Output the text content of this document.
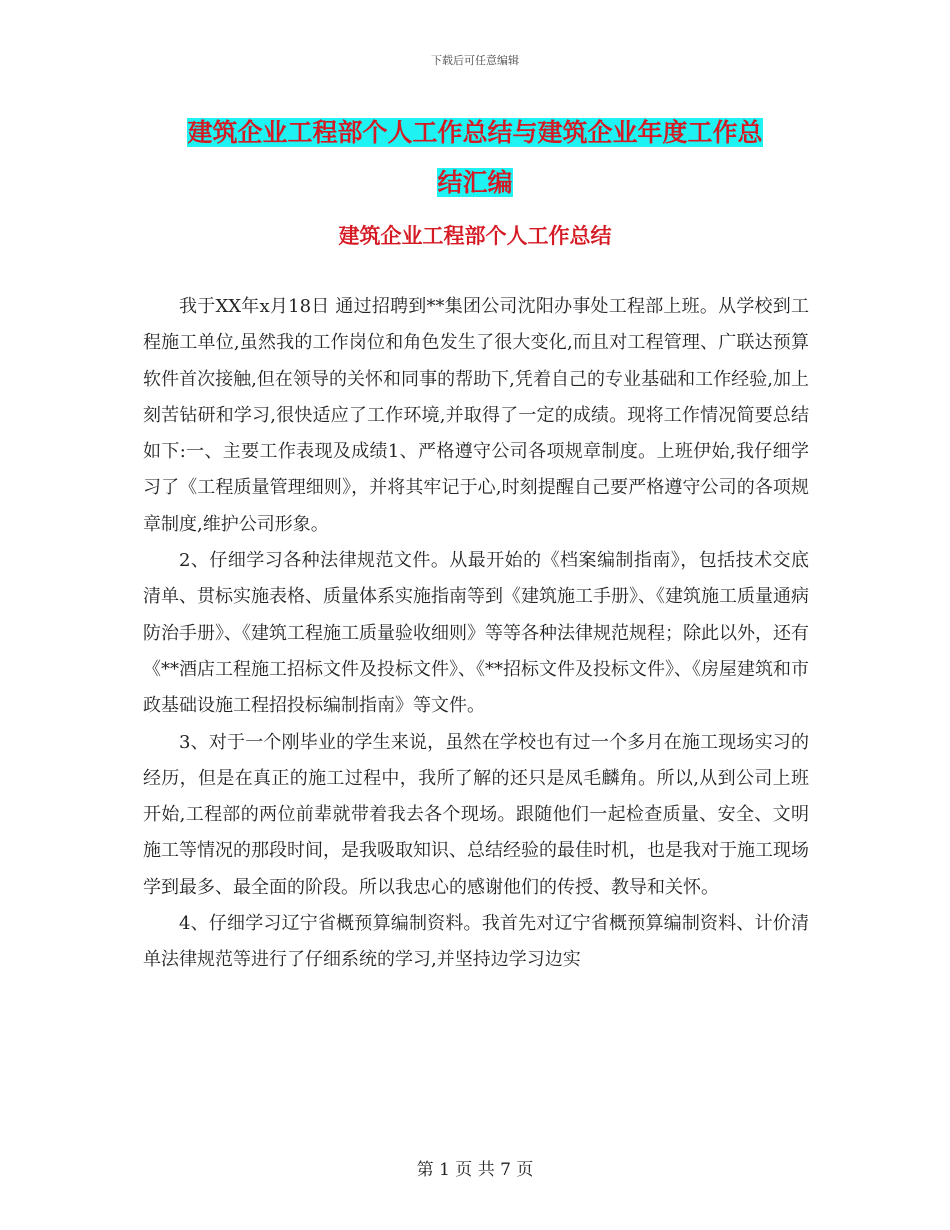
下载后可任意编辑
建筑企业工程部个人工作总结与建筑企业年度工作总
结汇编
建筑企业工程部个人工作总结

我于XX年x月18日 通过招聘到**集团公司沈阳办事处工程部上班。从学校到工程施工单位,虽然我的工作岗位和角色发生了很大变化,而且对工程管理、广联达预算软件首次接触,但在领导的关怀和同事的帮助下,凭着自己的专业基础和工作经验,加上刻苦钻研和学习,很快适应了工作环境,并取得了一定的成绩。现将工作情况简要总结如下:一、主要工作表现及成绩1、严格遵守公司各项规章制度。上班伊始,我仔细学习了《工程质量管理细则》，并将其牢记于心,时刻提醒自己要严格遵守公司的各项规章制度,维护公司形象。

2、仔细学习各种法律规范文件。从最开始的《档案编制指南》，包括技术交底清单、贯标实施表格、质量体系实施指南等到《建筑施工手册》、《建筑施工质量通病防治手册》、《建筑工程施工质量验收细则》等等各种法律规范规程；除此以外，还有《**酒店工程施工招标文件及投标文件》、《**招标文件及投标文件》、《房屋建筑和市政基础设施工程招投标编制指南》等文件。

3、对于一个刚毕业的学生来说，虽然在学校也有过一个多月在施工现场实习的经历，但是在真正的施工过程中，我所了解的还只是凤毛麟角。所以,从到公司上班开始,工程部的两位前辈就带着我去各个现场。跟随他们一起检查质量、安全、文明施工等情况的那段时间，是我吸取知识、总结经验的最佳时机，也是我对于施工现场学到最多、最全面的阶段。所以我忠心的感谢他们的传授、教导和关怀。

4、仔细学习辽宁省概预算编制资料。我首先对辽宁省概预算编制资料、计价清单法律规范等进行了仔细系统的学习,并坚持边学习边实

第 1 页 共 7 页
